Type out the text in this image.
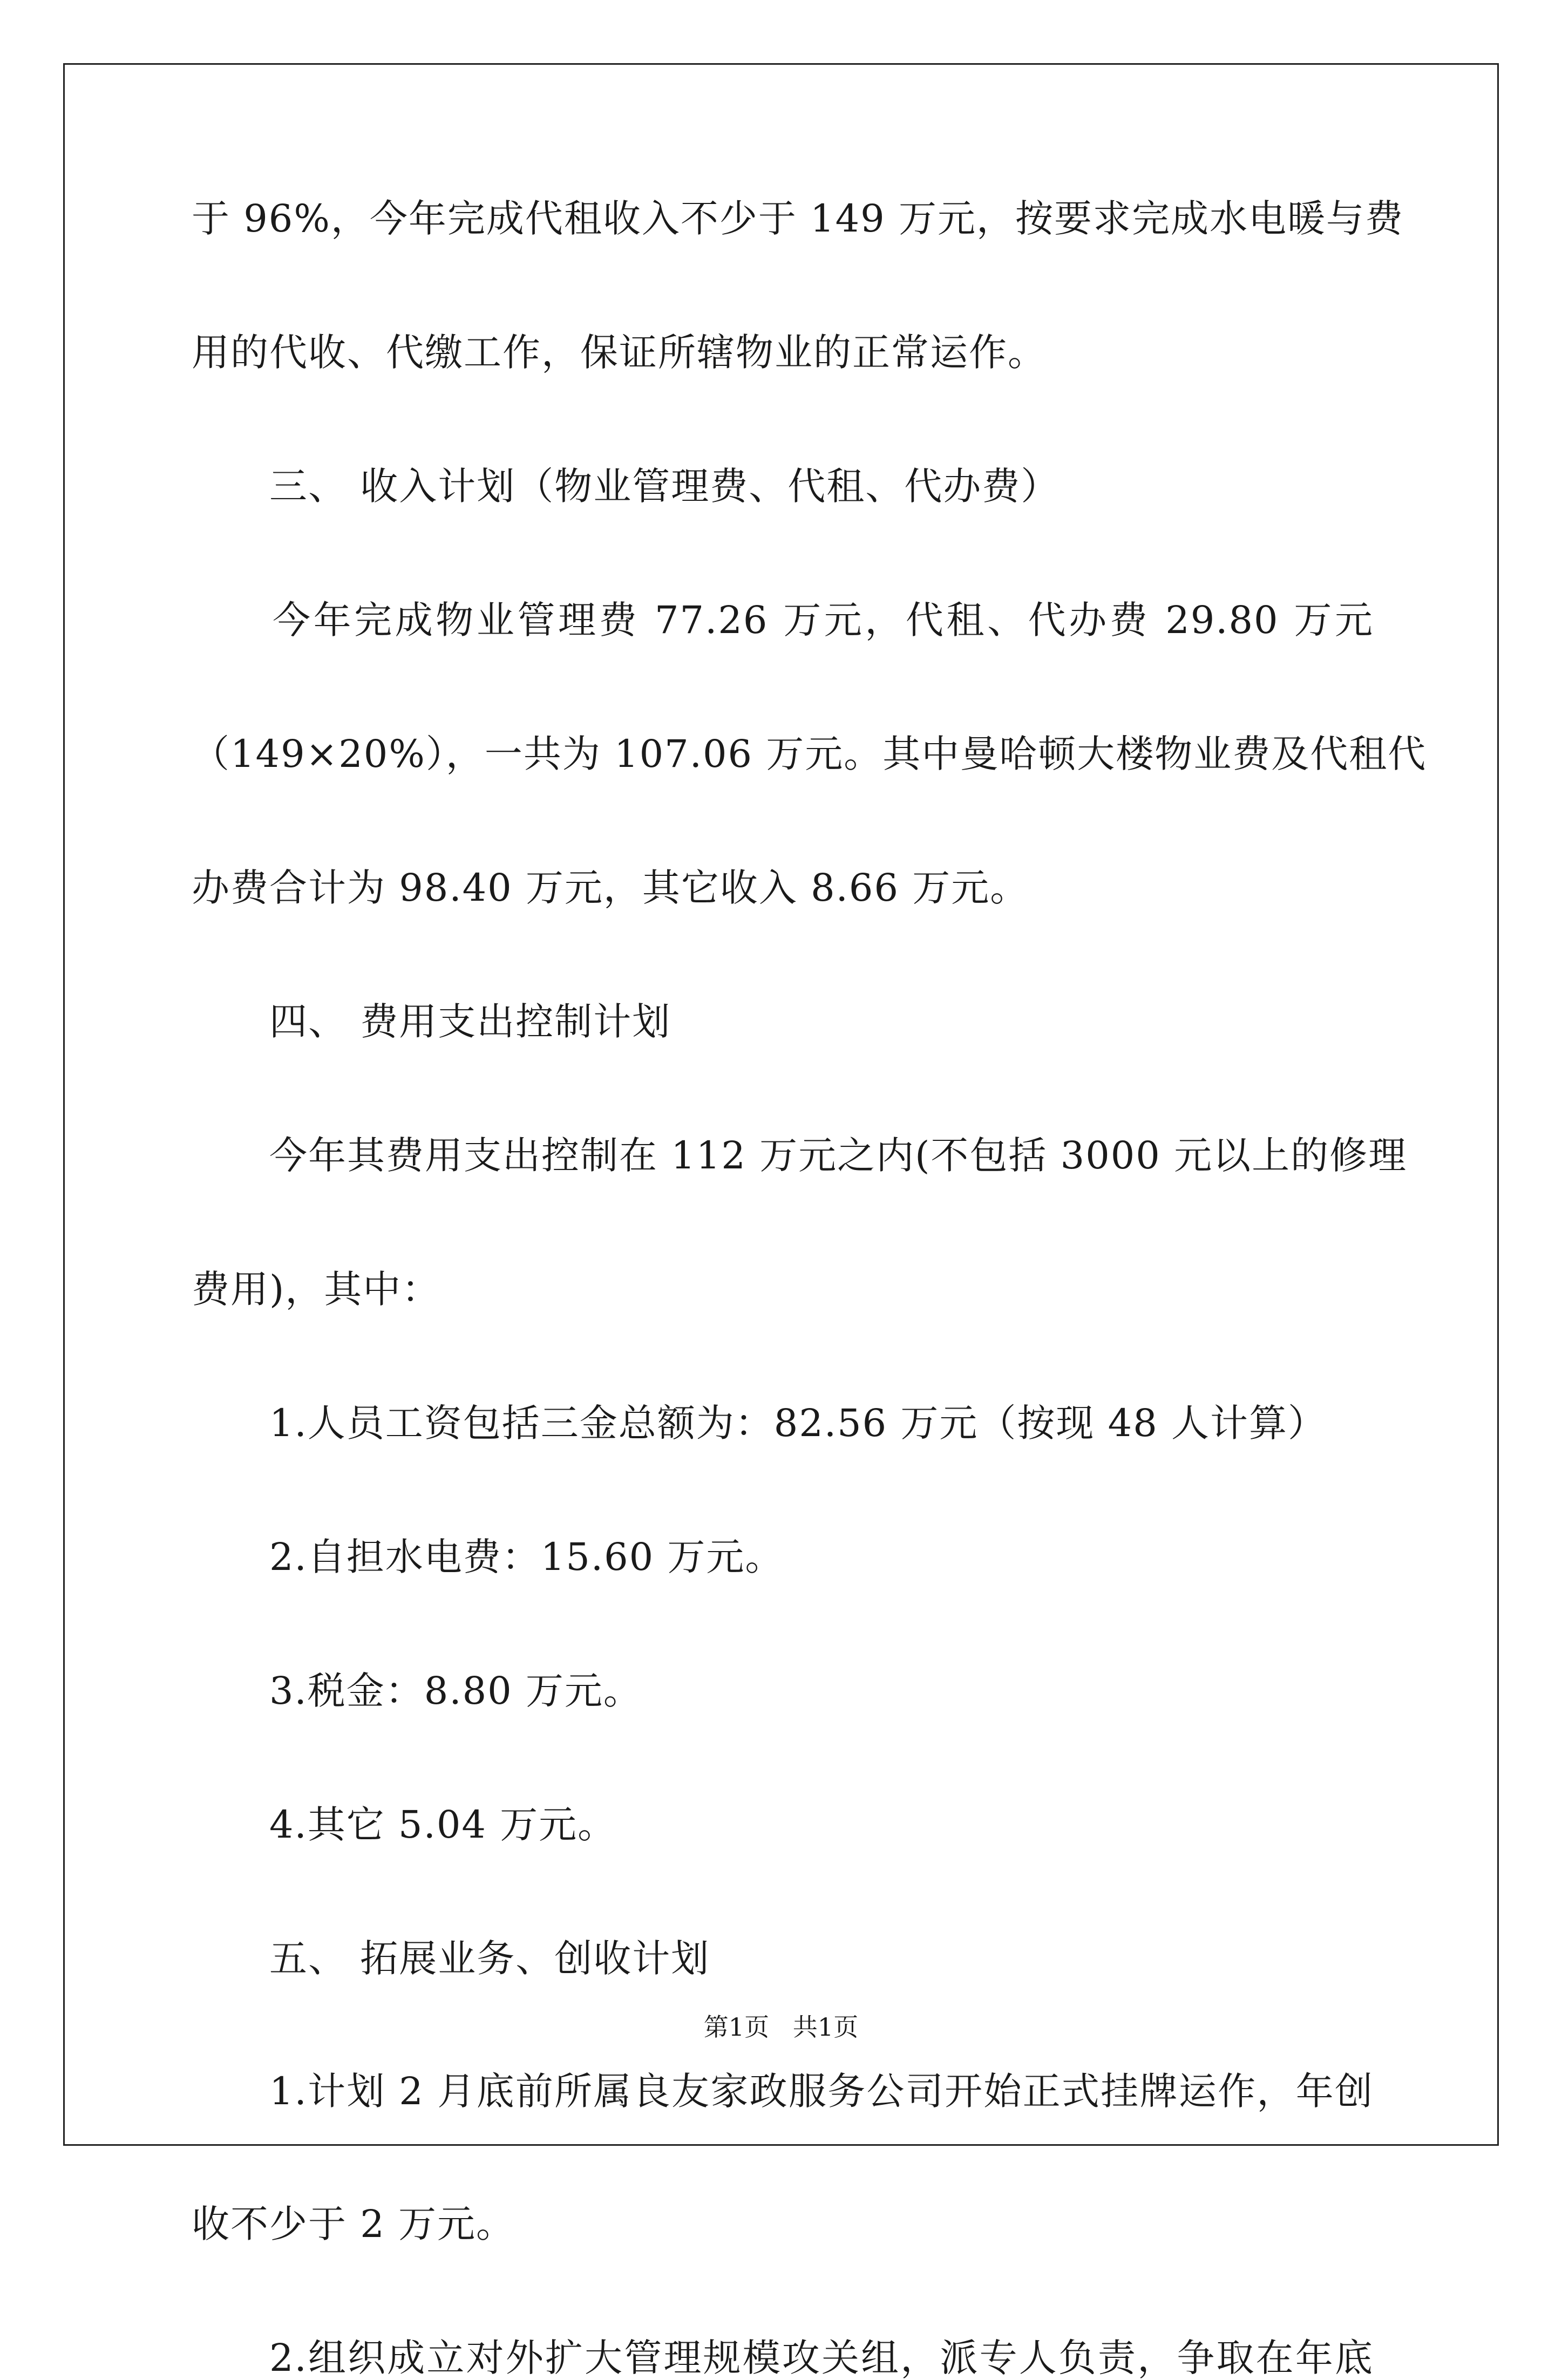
于 96%，今年完成代租收入不少于 149 万元，按要求完成水电暖与费

用的代收、代缴工作，保证所辖物业的正常运作。

三、 收入计划（物业管理费、代租、代办费）

今年完成物业管理费 77.26 万元，代租、代办费 29.80 万元

（149×20%），一共为 107.06 万元。其中曼哈顿大楼物业费及代租代

办费合计为 98.40 万元，其它收入 8.66 万元。

四、 费用支出控制计划

今年其费用支出控制在 112 万元之内(不包括 3000 元以上的修理

费用)，其中：

1.人员工资包括三金总额为：82.56 万元（按现 48 人计算）

2.自担水电费：15.60 万元。

3.税金：8.80 万元。

4.其它 5.04 万元。

五、 拓展业务、创收计划

1.计划 2 月底前所属良友家政服务公司开始正式挂牌运作，年创

收不少于 2 万元。

2.组织成立对外扩大管理规模攻关组，派专人负责，争取在年底

第1页   共1页
